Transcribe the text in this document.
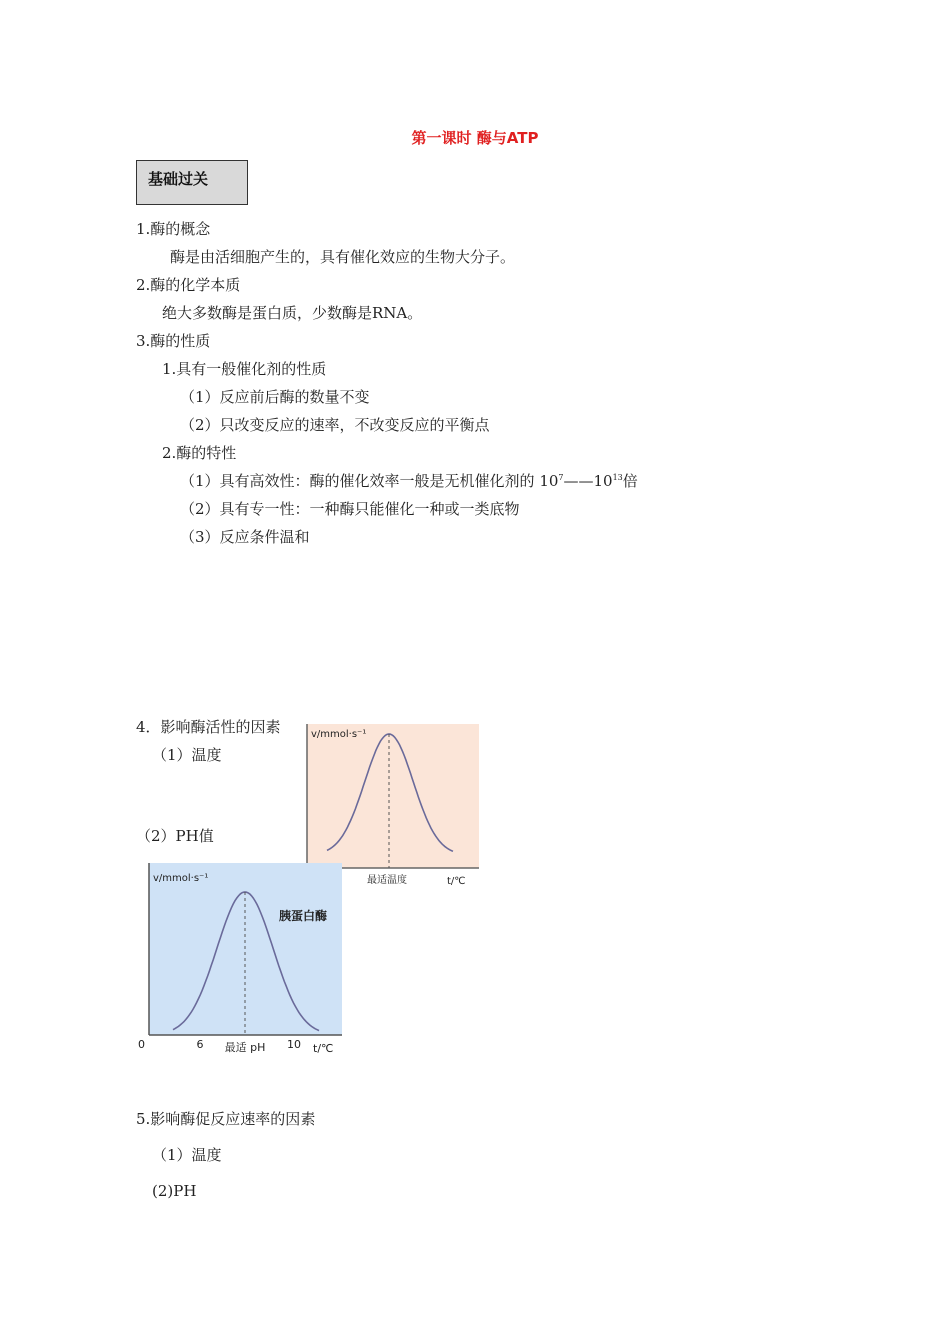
第一课时 酶与ATP
基础过关
1.酶的概念
酶是由活细胞产生的，具有催化效应的生物大分子。
2.酶的化学本质
绝大多数酶是蛋白质，少数酶是RNA。
3.酶的性质
1.具有一般催化剂的性质
（1）反应前后酶的数量不变
（2）只改变反应的速率，不改变反应的平衡点
2.酶的特性
（1）具有高效性：酶的催化效率一般是无机催化剂的 $10^7——10^{13}$倍
（2）具有专一性：一种酶只能催化一种或一类底物
（3）反应条件温和
4．影响酶活性的因素
（1）温度
（2）PH值
v/mmol·s⁻¹
最适温度	t/℃
v/mmol·s⁻¹
胰蛋白酶
0	6 最适 pH 10 t/℃
5.影响酶促反应速率的因素
（1）温度
(2)PH
